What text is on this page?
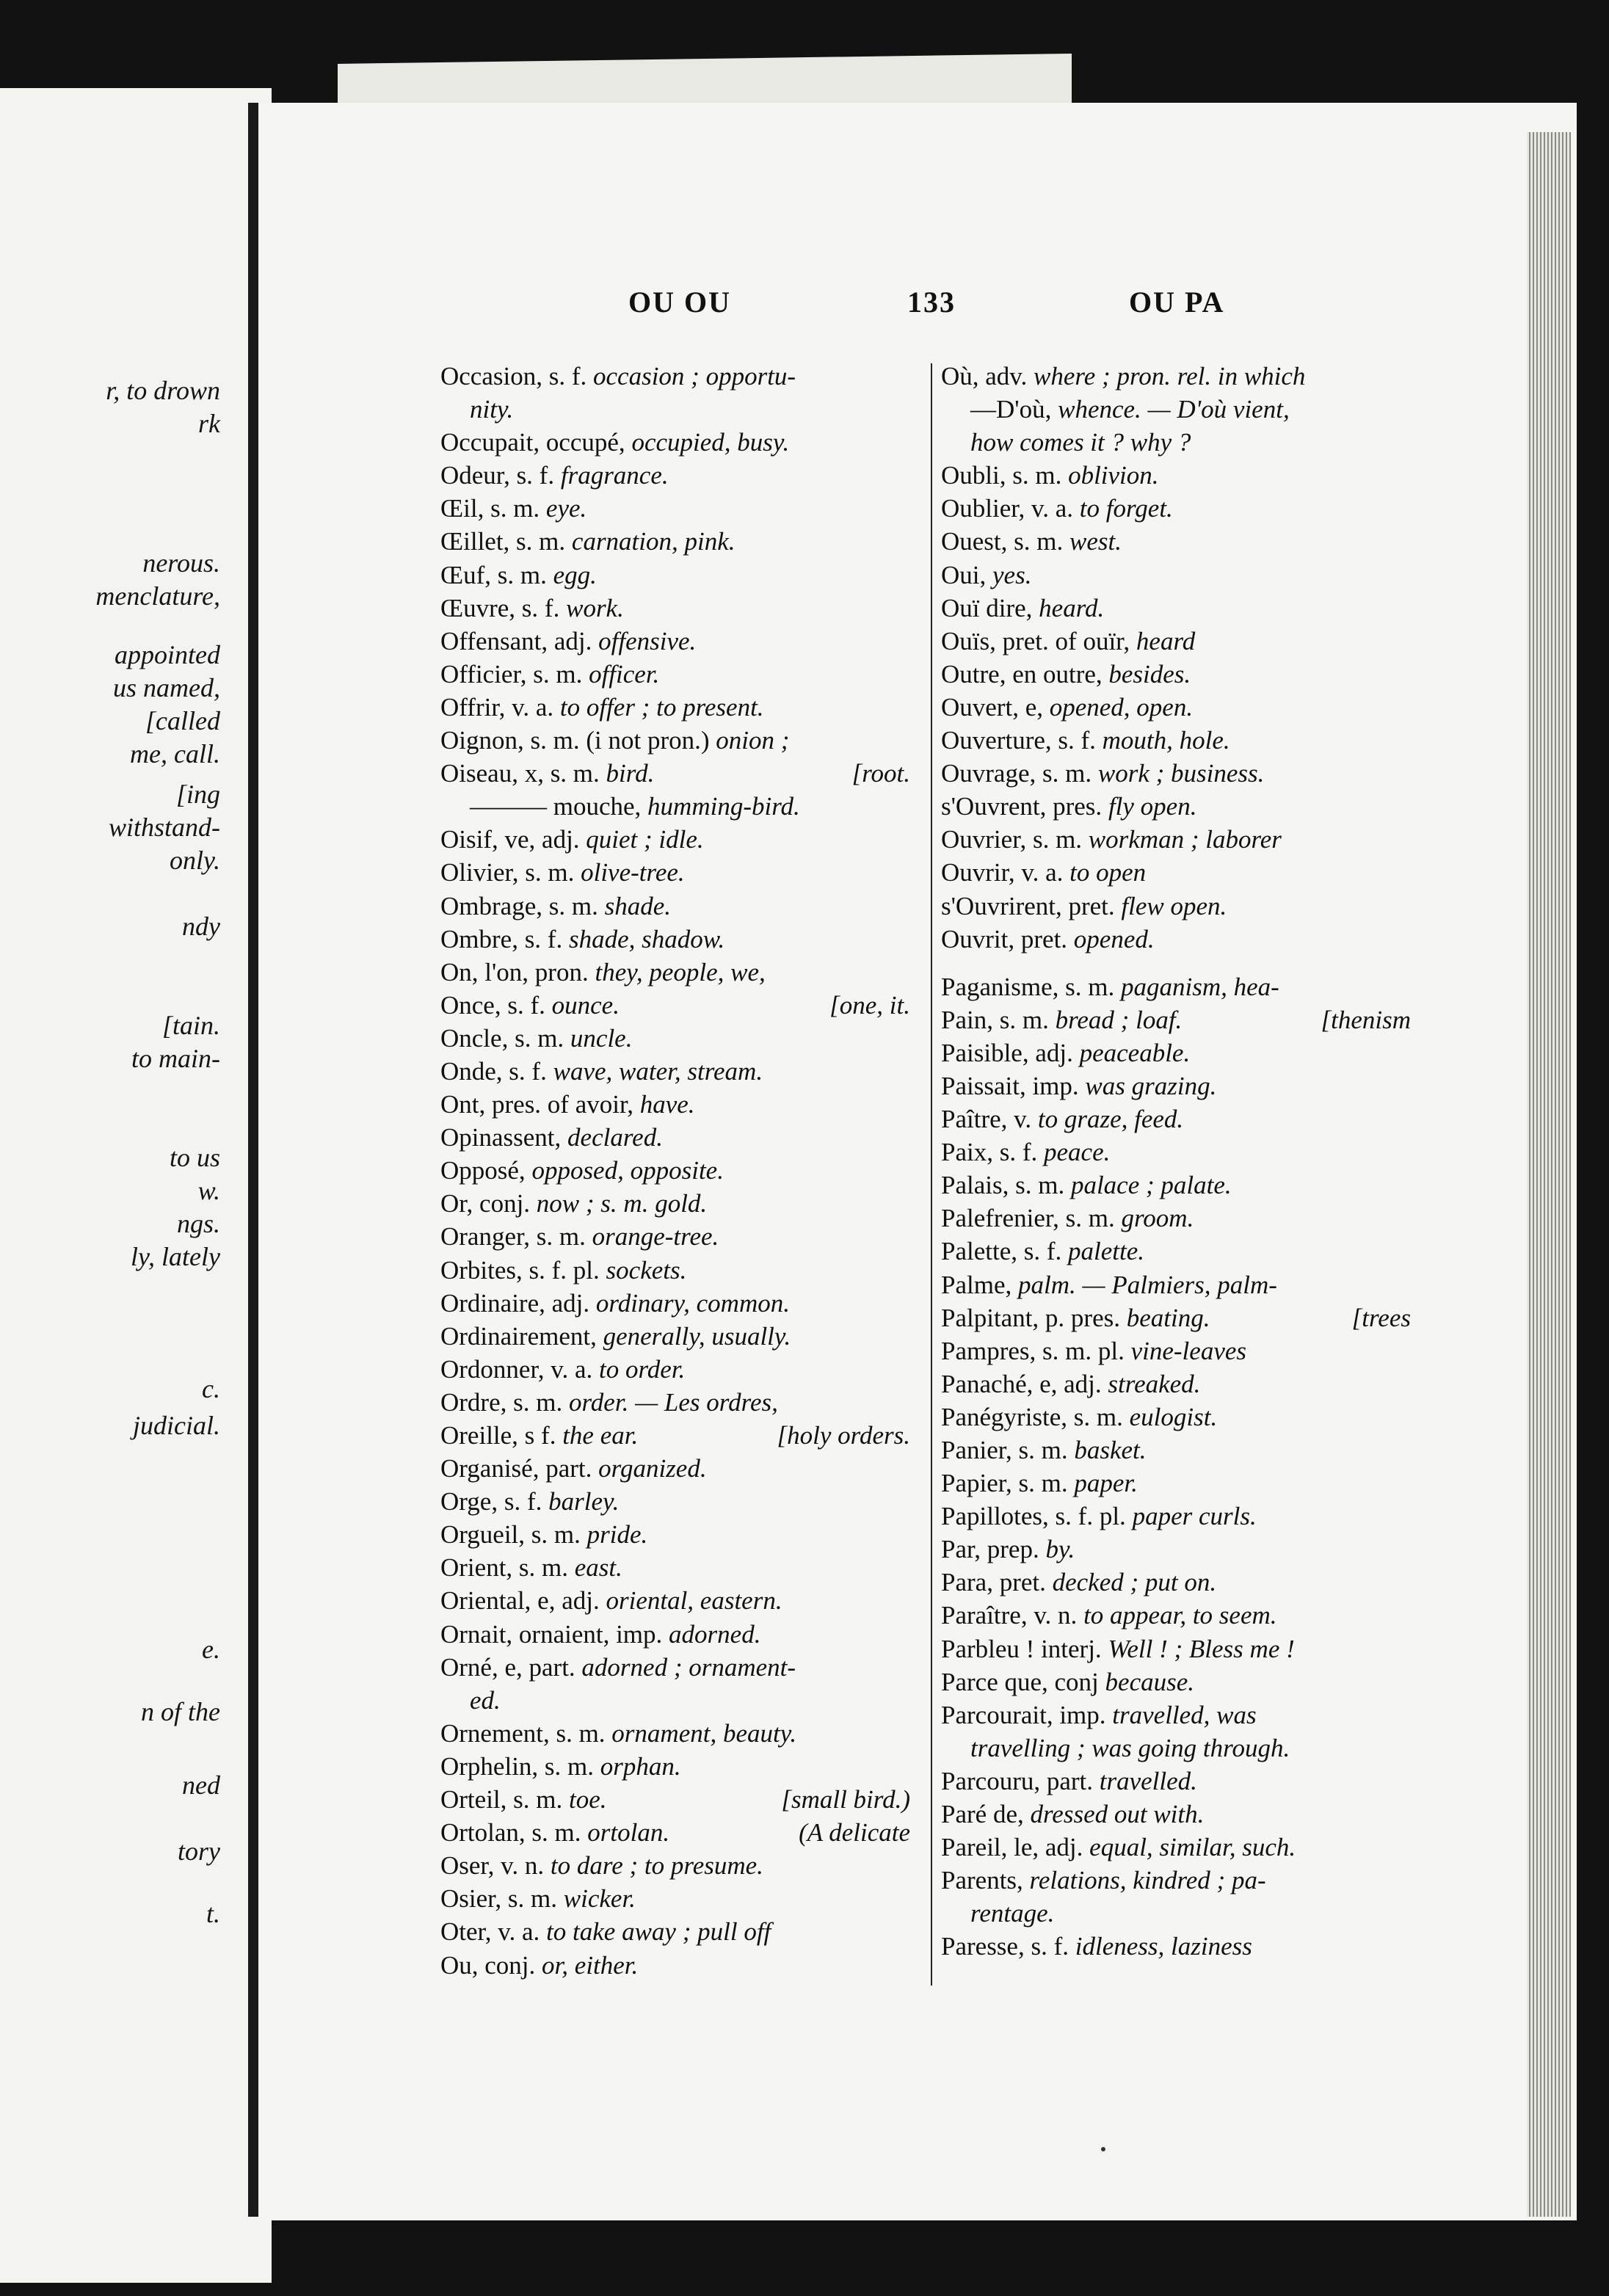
r, to drown
rk
nerous.
menclature,
appointed
us named,
[called
me, call.
[ing
withstand-
only.
ndy
[tain.
to main-
to us
w.
ngs.
ly, lately
c.
judicial.
e.
n of the
ned
tory
t.
OU OU	133	OU PA
Occasion, s. f. occasion ; opportu-
nity.
Occupait, occupé, occupied, busy.
Odeur, s. f. fragrance.
Œil, s. m. eye.
Œillet, s. m. carnation, pink.
Œuf, s. m. egg.
Œuvre, s. f. work.
Offensant, adj. offensive.
Officier, s. m. officer.
Offrir, v. a. to offer ; to present.
Oignon, s. m. (i not pron.) onion ;
Oiseau, x, s. m. bird.	[root.
——— mouche, humming-bird.
Oisif, ve, adj. quiet ; idle.
Olivier, s. m. olive-tree.
Ombrage, s. m. shade.
Ombre, s. f. shade, shadow.
On, l'on, pron. they, people, we,
Once, s. f. ounce.	[one, it.
Oncle, s. m. uncle.
Onde, s. f. wave, water, stream.
Ont, pres. of avoir, have.
Opinassent, declared.
Opposé, opposed, opposite.
Or, conj. now ; s. m. gold.
Oranger, s. m. orange-tree.
Orbites, s. f. pl. sockets.
Ordinaire, adj. ordinary, common.
Ordinairement, generally, usually.
Ordonner, v. a. to order.
Ordre, s. m. order. — Les ordres,
Oreille, s f. the ear.	[holy orders.
Organisé, part. organized.
Orge, s. f. barley.
Orgueil, s. m. pride.
Orient, s. m. east.
Oriental, e, adj. oriental, eastern.
Ornait, ornaient, imp. adorned.
Orné, e, part. adorned ; ornament-
ed.
Ornement, s. m. ornament, beauty.
Orphelin, s. m. orphan.
Orteil, s. m. toe.	[small bird.)
Ortolan, s. m. ortolan.	(A delicate
Oser, v. n. to dare ; to presume.
Osier, s. m. wicker.
Oter, v. a. to take away ; pull off
Ou, conj. or, either.
Où, adv. where ; pron. rel. in which
—D'où, whence. — D'où vient,
how comes it ? why ?
Oubli, s. m. oblivion.
Oublier, v. a. to forget.
Ouest, s. m. west.
Oui, yes.
Ouï dire, heard.
Ouïs, pret. of ouïr, heard
Outre, en outre, besides.
Ouvert, e, opened, open.
Ouverture, s. f. mouth, hole.
Ouvrage, s. m. work ; business.
s'Ouvrent, pres. fly open.
Ouvrier, s. m. workman ; laborer
Ouvrir, v. a. to open
s'Ouvrirent, pret. flew open.
Ouvrit, pret. opened.
Paganisme, s. m. paganism, hea-
Pain, s. m. bread ; loaf.	[thenism
Paisible, adj. peaceable.
Paissait, imp. was grazing.
Paître, v. to graze, feed.
Paix, s. f. peace.
Palais, s. m. palace ; palate.
Palefrenier, s. m. groom.
Palette, s. f. palette.
Palme, palm. — Palmiers, palm-
Palpitant, p. pres. beating.	[trees
Pampres, s. m. pl. vine-leaves
Panaché, e, adj. streaked.
Panégyriste, s. m. eulogist.
Panier, s. m. basket.
Papier, s. m. paper.
Papillotes, s. f. pl. paper curls.
Par, prep. by.
Para, pret. decked ; put on.
Paraître, v. n. to appear, to seem.
Parbleu ! interj. Well ! ; Bless me !
Parce que, conj because.
Parcourait, imp. travelled, was
travelling ; was going through.
Parcouru, part. travelled.
Paré de, dressed out with.
Pareil, le, adj. equal, similar, such.
Parents, relations, kindred ; pa-
rentage.
Paresse, s. f. idleness, laziness
